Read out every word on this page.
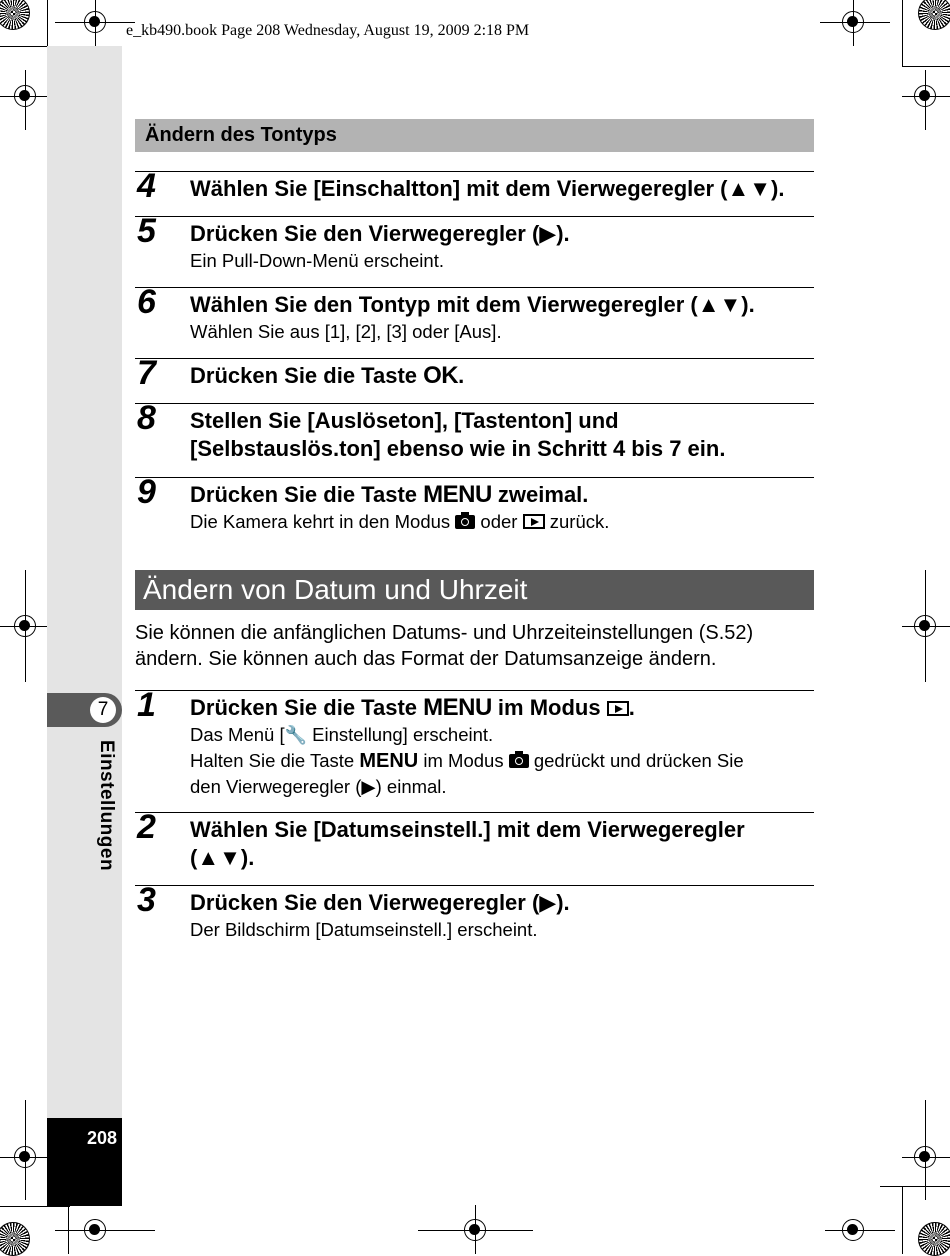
e_kb490.book Page 208 Wednesday, August 19, 2009 2:18 PM
7
Einstellungen
208
Ändern des Tontyps
4 Wählen Sie [Einschaltton] mit dem Vierwegeregler (▲▼).
5 Drücken Sie den Vierwegeregler (▶).
Ein Pull-Down-Menü erscheint.
6 Wählen Sie den Tontyp mit dem Vierwegeregler (▲▼).
Wählen Sie aus [1], [2], [3] oder [Aus].
7 Drücken Sie die Taste OK.
8 Stellen Sie [Auslöseton], [Tastenton] und
[Selbstauslös.ton] ebenso wie in Schritt 4 bis 7 ein.
9 Drücken Sie die Taste MENU zweimal.
Die Kamera kehrt in den Modus  oder  zurück.
Ändern von Datum und Uhrzeit
Sie können die anfänglichen Datums- und Uhrzeiteinstellungen (S.52) ändern. Sie können auch das Format der Datumsanzeige ändern.
1 Drücken Sie die Taste MENU im Modus .
Das Menü [🔧 Einstellung] erscheint.
Halten Sie die Taste MENU im Modus  gedrückt und drücken Sie
den Vierwegeregler (▶) einmal.
2 Wählen Sie [Datumseinstell.] mit dem Vierwegeregler
(▲▼).
3 Drücken Sie den Vierwegeregler (▶).
Der Bildschirm [Datumseinstell.] erscheint.
